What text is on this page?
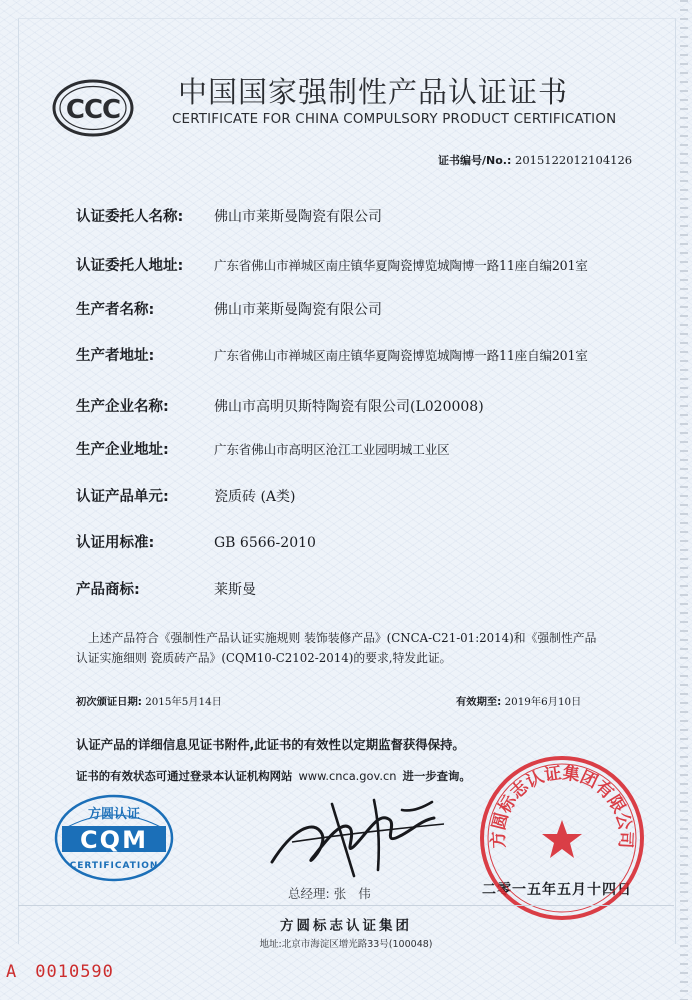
CCC
中国国家强制性产品认证证书
CERTIFICATE FOR CHINA COMPULSORY PRODUCT CERTIFICATION
证书编号/No.: 2015122012104126
认证委托人名称: 佛山市莱斯曼陶瓷有限公司
认证委托人地址: 广东省佛山市禅城区南庄镇华夏陶瓷博览城陶博一路11座自编201室
生产者名称:	佛山市莱斯曼陶瓷有限公司
生产者地址:	广东省佛山市禅城区南庄镇华夏陶瓷博览城陶博一路11座自编201室
生产企业名称:	佛山市高明贝斯特陶瓷有限公司(L020008)
生产企业地址:	广东省佛山市高明区沧江工业园明城工业区
认证产品单元:	瓷质砖 (A类)
认证用标准:	GB 6566-2010
产品商标:	莱斯曼

上述产品符合《强制性产品认证实施规则 装饰装修产品》(CNCA-C21-01:2014)和《强制性产品

认证实施细则 瓷质砖产品》(CQM10-C2102-2014)的要求,特发此证。
初次颁证日期: 2015年5月14日	有效期至: 2019年6月10日
认证产品的详细信息见证书附件,此证书的有效性以定期监督获得保持。
证书的有效状态可通过登录本认证机构网站 www.cnca.gov.cn 进一步查询。
方圆认证
CQM
CERTIFICATION
总经理: 张 伟	二零一五年五月十四日
方圆标志认证集团有限公司
方圆标志认证集团
地址:北京市海淀区增光路33号(100048)
A 0010590
